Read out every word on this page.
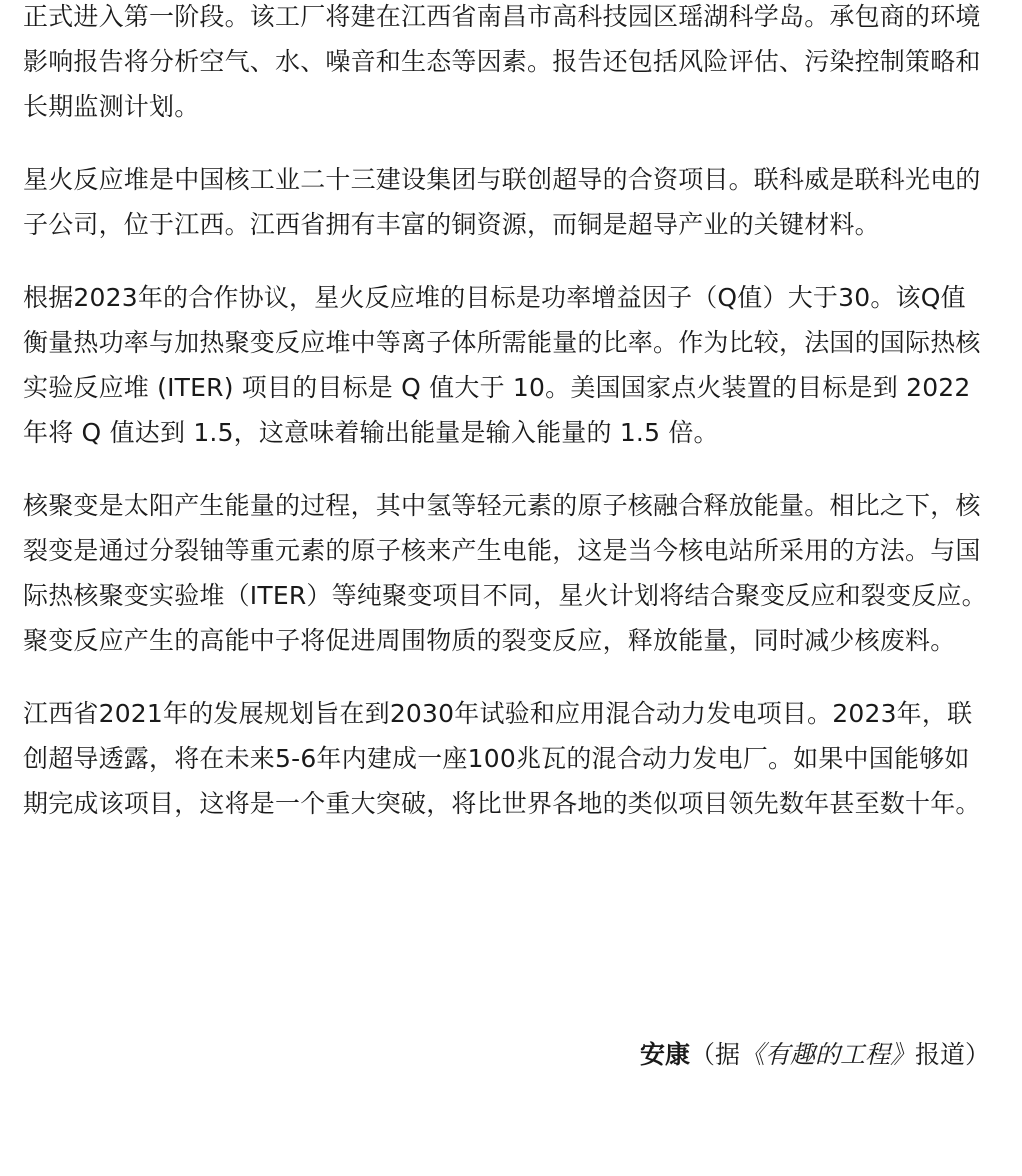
正式进入第一阶段。该工厂将建在江西省南昌市高科技园区瑶湖科学岛。承包商的环境影响报告将分析空气、水、噪音和生态等因素。报告还包括风险评估、污染控制策略和长期监测计划。

星火反应堆是中国核工业二十三建设集团与联创超导的合资项目。联科威是联科光电的子公司，位于江西。江西省拥有丰富的铜资源，而铜是超导产业的关键材料。

根据2023年的合作协议，星火反应堆的目标是功率增益因子（Q值）大于30。该Q值衡量热功率与加热聚变反应堆中等离子体所需能量的比率。作为比较，法国的国际热核实验反应堆 (ITER) 项目的目标是 Q 值大于 10。美国国家点火装置的目标是到 2022 年将 Q 值达到 1.5，这意味着输出能量是输入能量的 1.5 倍。

核聚变是太阳产生能量的过程，其中氢等轻元素的原子核融合释放能量。相比之下，核裂变是通过分裂铀等重元素的原子核来产生电能，这是当今核电站所采用的方法。与国际热核聚变实验堆（ITER）等纯聚变项目不同，星火计划将结合聚变反应和裂变反应。聚变反应产生的高能中子将促进周围物质的裂变反应，释放能量，同时减少核废料。

江西省2021年的发展规划旨在到2030年试验和应用混合动力发电项目。2023年，联创超导透露，将在未来5-6年内建成一座100兆瓦的混合动力发电厂。如果中国能够如期完成该项目，这将是一个重大突破，将比世界各地的类似项目领先数年甚至数十年。

安康（据《有趣的工程》报道）
